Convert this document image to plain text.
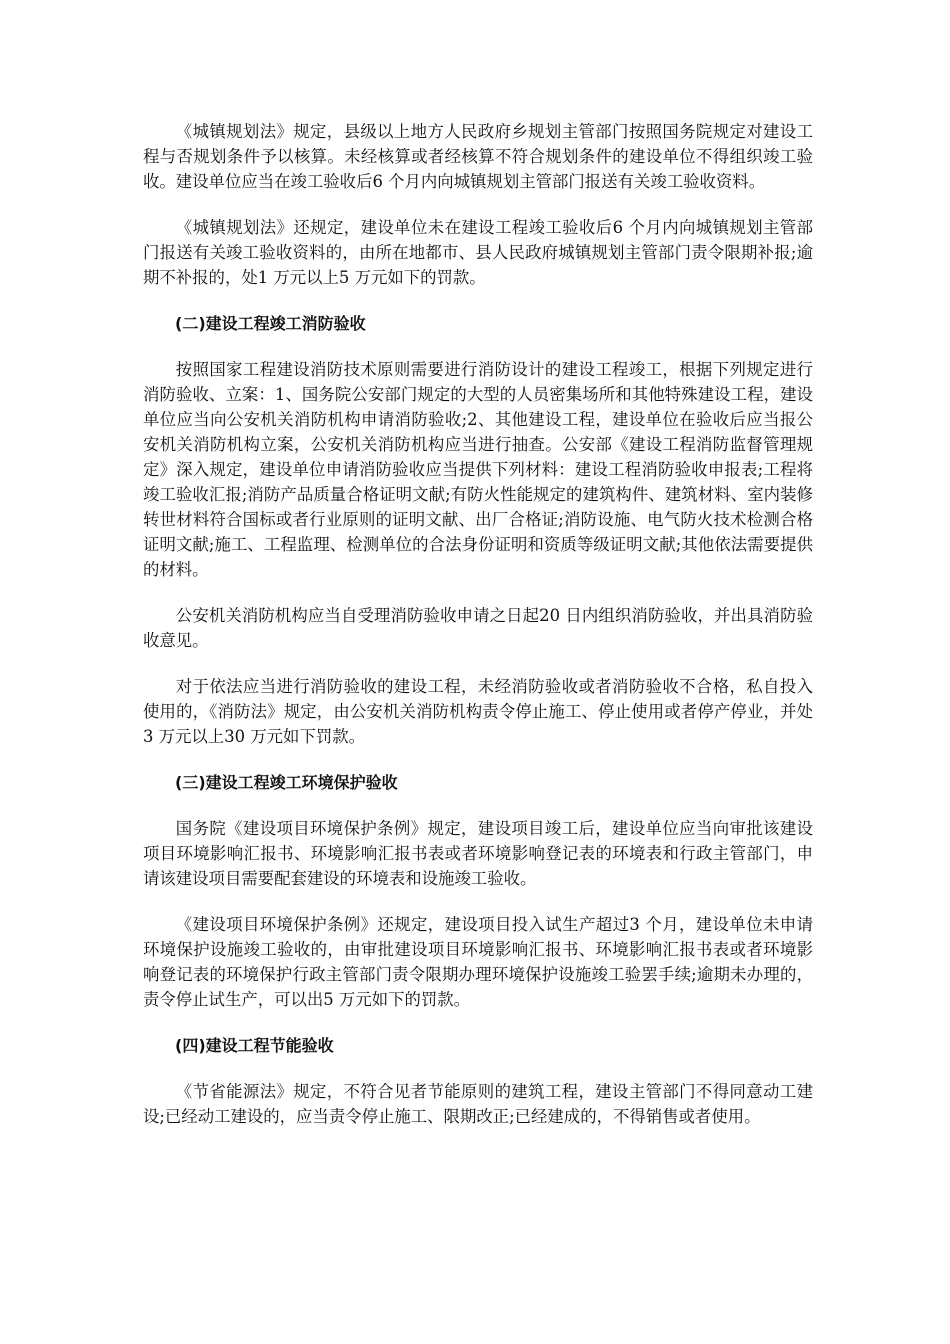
《城镇规划法》规定，县级以上地方人民政府乡规划主管部门按照国务院规定对建设工程与否规划条件予以核算。未经核算或者经核算不符合规划条件的建设单位不得组织竣工验收。建设单位应当在竣工验收后6 个月内向城镇规划主管部门报送有关竣工验收资料。

《城镇规划法》还规定，建设单位未在建设工程竣工验收后6 个月内向城镇规划主管部门报送有关竣工验收资料的，由所在地都市、县人民政府城镇规划主管部门责令限期补报;逾期不补报的，处1 万元以上5 万元如下的罚款。

(二)建设工程竣工消防验收

按照国家工程建设消防技术原则需要进行消防设计的建设工程竣工，根据下列规定进行消防验收、立案：1、国务院公安部门规定的大型的人员密集场所和其他特殊建设工程，建设单位应当向公安机关消防机构申请消防验收;2、其他建设工程，建设单位在验收后应当报公安机关消防机构立案，公安机关消防机构应当进行抽查。公安部《建设工程消防监督管理规定》深入规定，建设单位申请消防验收应当提供下列材料：建设工程消防验收申报表;工程将竣工验收汇报;消防产品质量合格证明文献;有防火性能规定的建筑构件、建筑材料、室内装修转世材料符合国标或者行业原则的证明文献、出厂合格证;消防设施、电气防火技术检测合格证明文献;施工、工程监理、检测单位的合法身份证明和资质等级证明文献;其他依法需要提供的材料。

公安机关消防机构应当自受理消防验收申请之日起20 日内组织消防验收，并出具消防验收意见。

对于依法应当进行消防验收的建设工程，未经消防验收或者消防验收不合格，私自投入使用的，《消防法》规定，由公安机关消防机构责令停止施工、停止使用或者停产停业，并处3 万元以上30 万元如下罚款。

(三)建设工程竣工环境保护验收

国务院《建设项目环境保护条例》规定，建设项目竣工后，建设单位应当向审批该建设项目环境影响汇报书、环境影响汇报书表或者环境影响登记表的环境表和行政主管部门，申请该建设项目需要配套建设的环境表和设施竣工验收。

《建设项目环境保护条例》还规定，建设项目投入试生产超过3 个月，建设单位未申请环境保护设施竣工验收的，由审批建设项目环境影响汇报书、环境影响汇报书表或者环境影响登记表的环境保护行政主管部门责令限期办理环境保护设施竣工验罢手续;逾期未办理的，责令停止试生产，可以出5 万元如下的罚款。

(四)建设工程节能验收

《节省能源法》规定，不符合见者节能原则的建筑工程，建设主管部门不得同意动工建设;已经动工建设的，应当责令停止施工、限期改正;已经建成的，不得销售或者使用。
